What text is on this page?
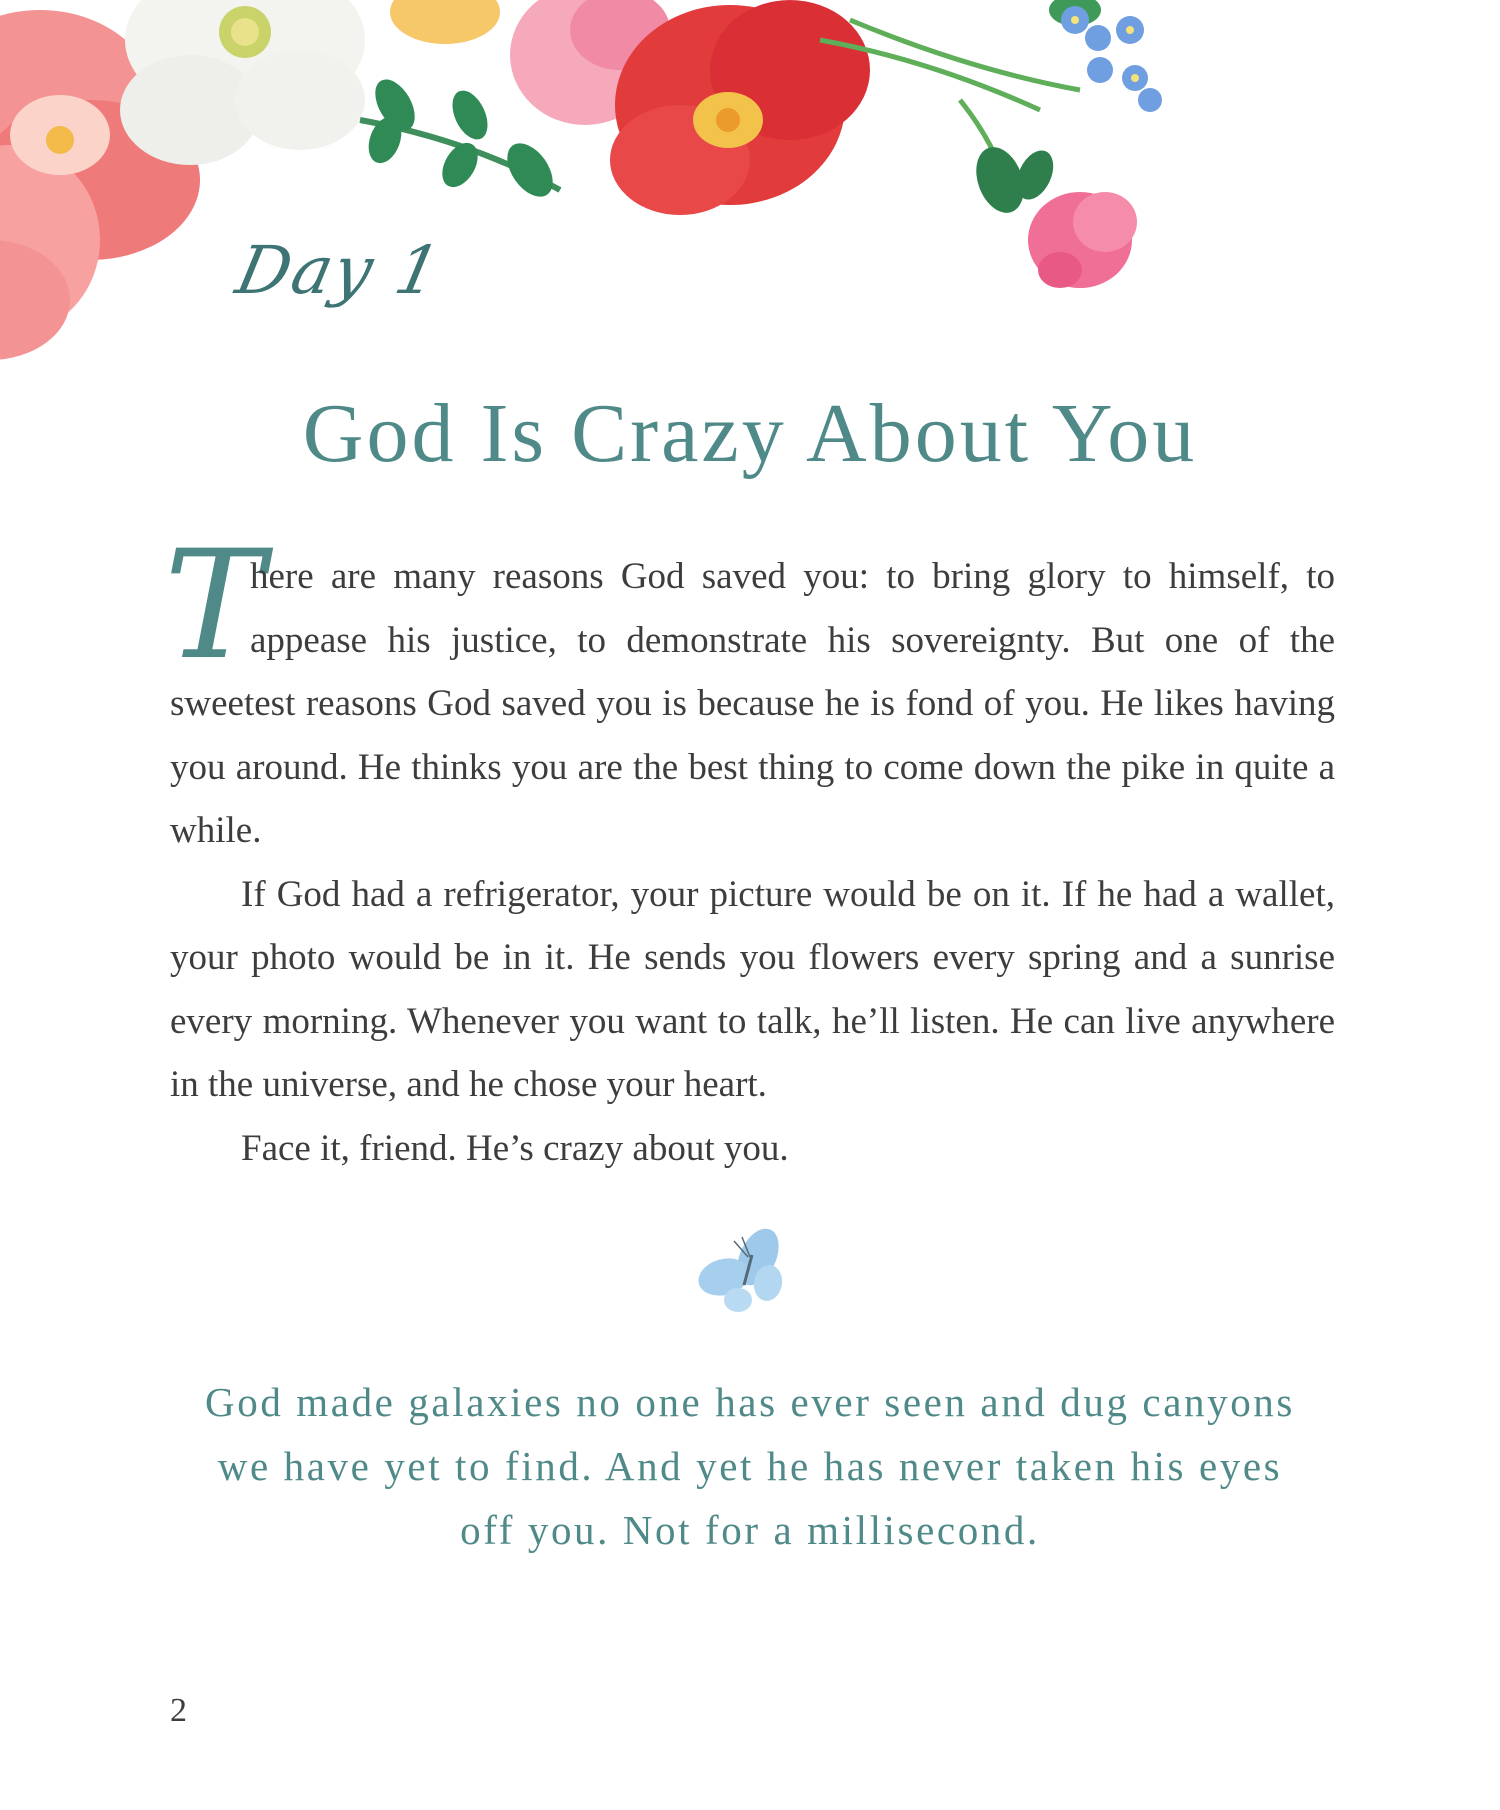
Day 1
God Is Crazy About You

T
here are many reasons God saved you: to bring glory to himself, to appease his justice, to demonstrate his sovereignty. But one of the sweetest reasons God saved you is because he is fond of you. He likes having you around. He thinks you are the best thing to come down the pike in quite a while.

If God had a refrigerator, your picture would be on it. If he had a wallet, your photo would be in it. He sends you flowers every spring and a sunrise every morning. Whenever you want to talk, he’ll listen. He can live anywhere in the universe, and he chose your heart.

Face it, friend. He’s crazy about you.

God made galaxies no one has ever seen and dug canyons we have yet to find. And yet he has never taken his eyes off you. Not for a millisecond.

2
